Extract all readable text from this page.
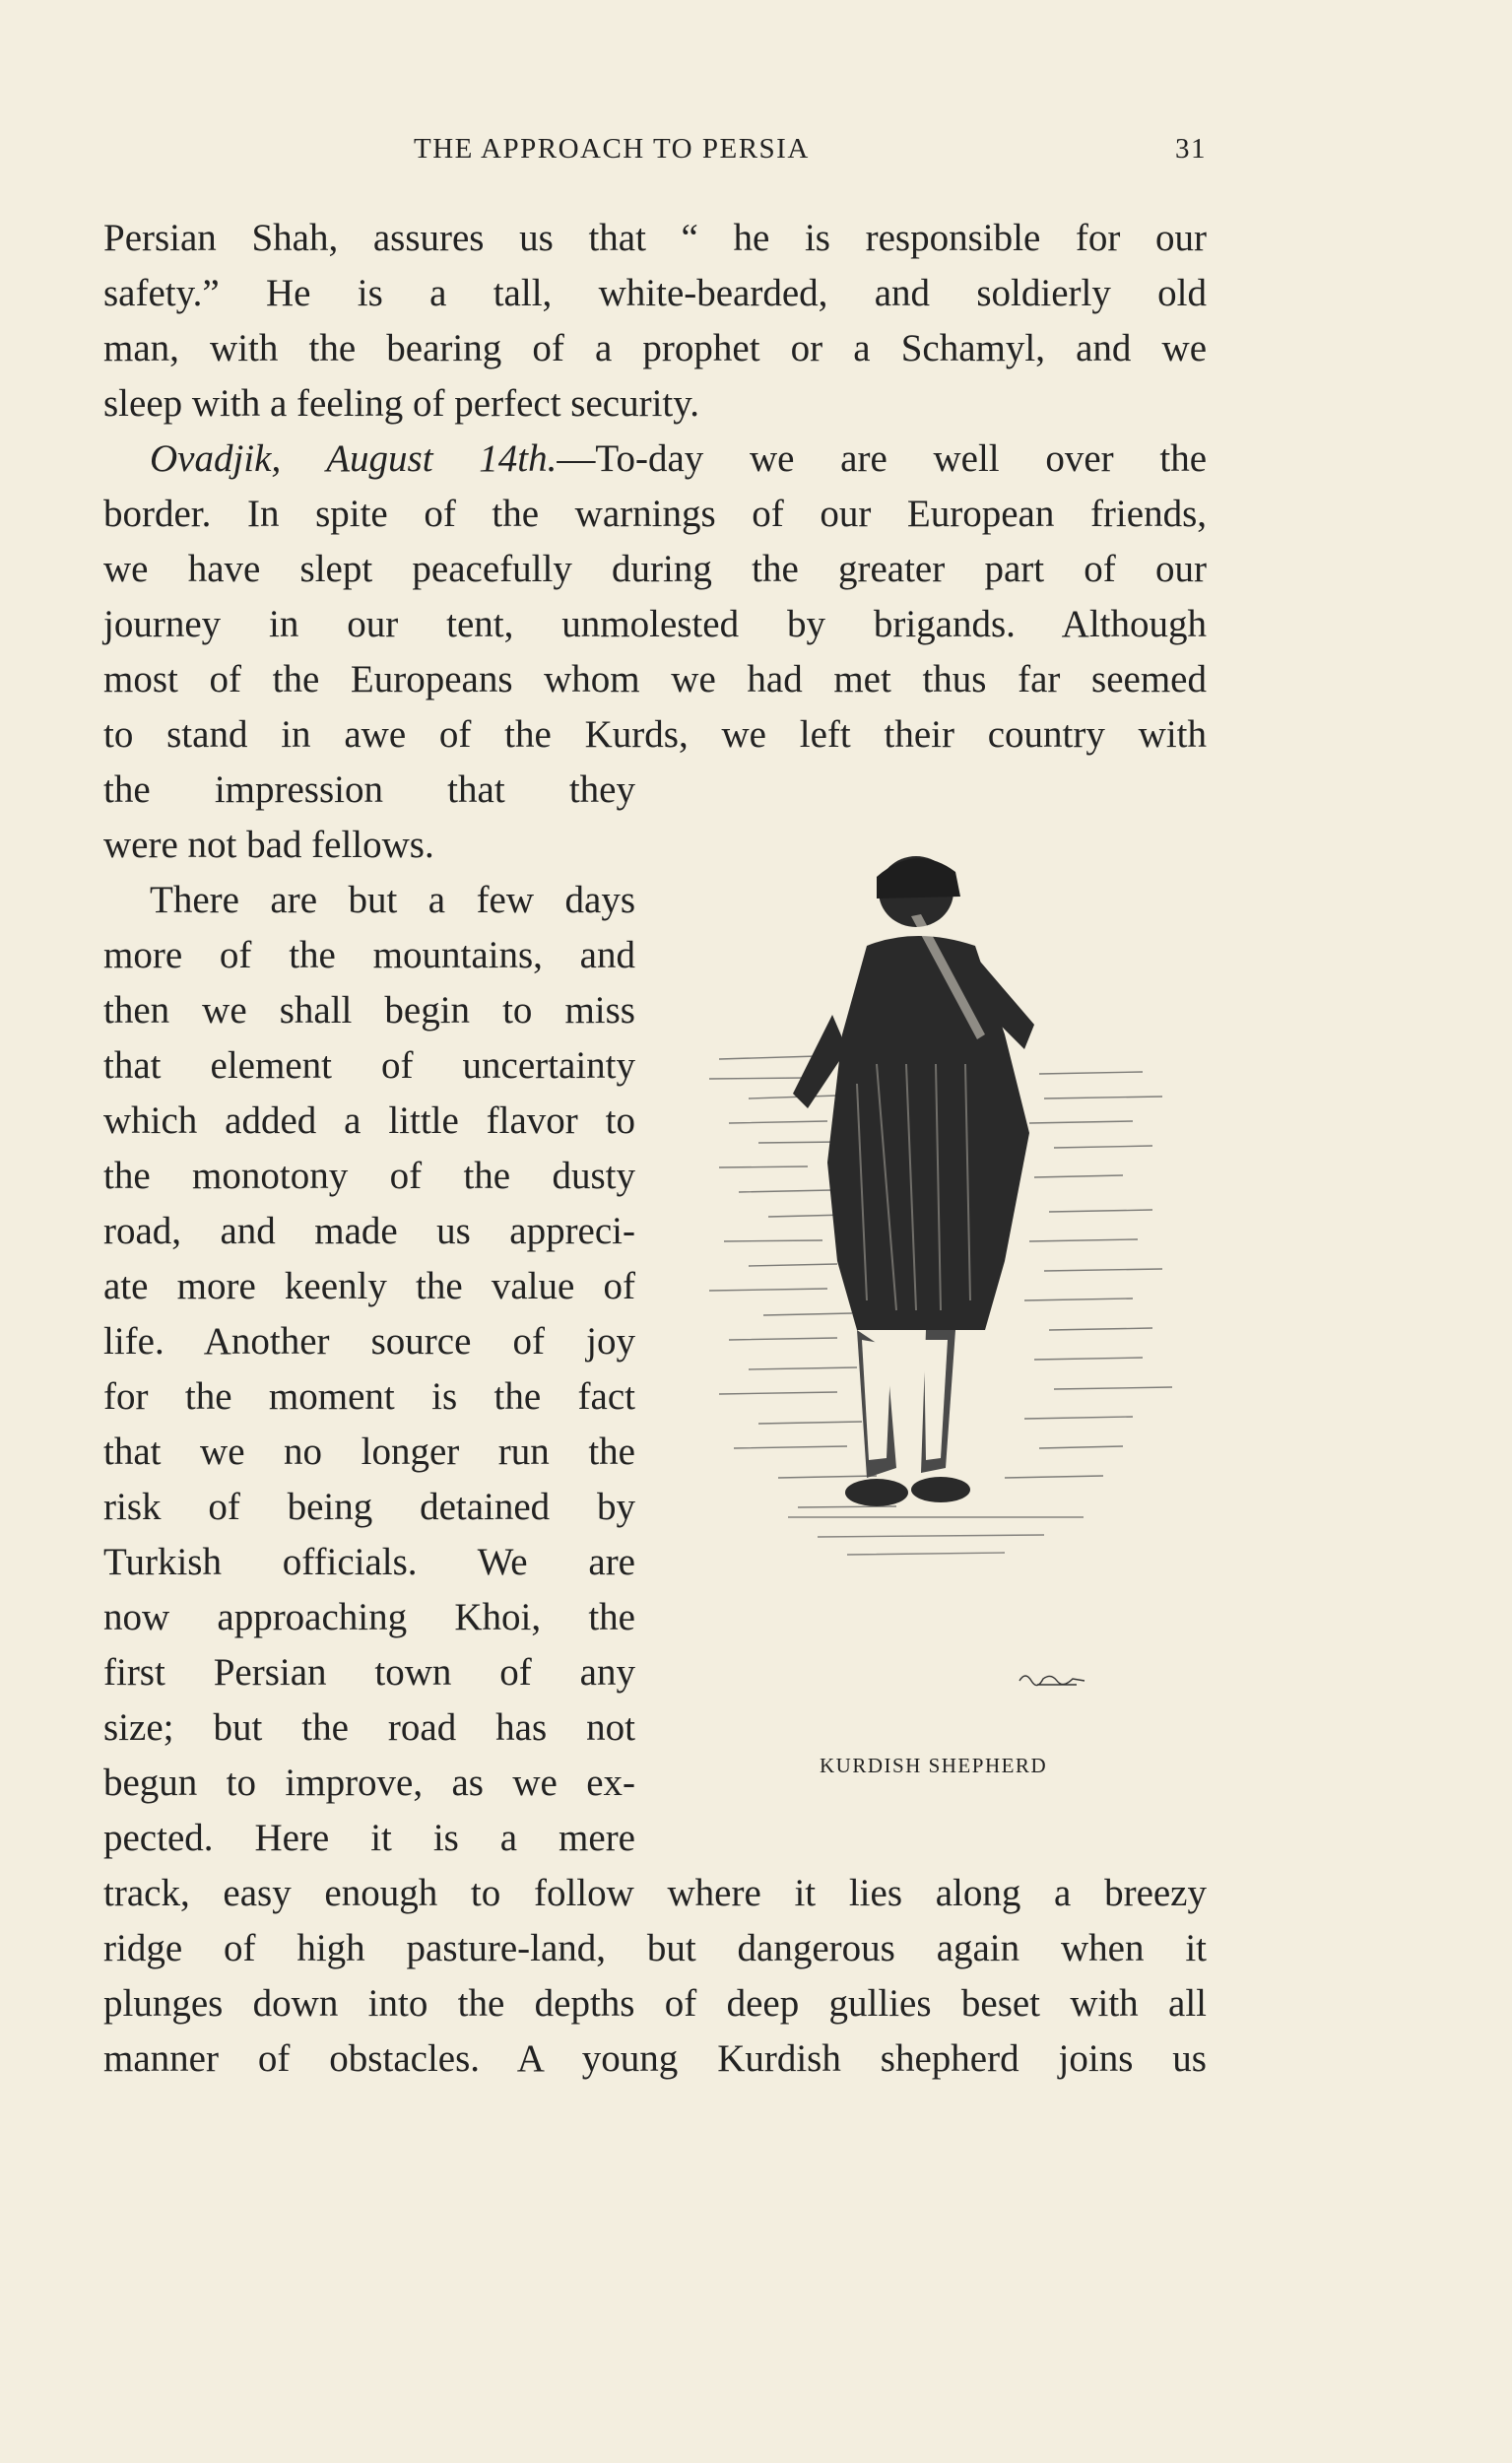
THE APPROACH TO PERSIA	31
Persian Shah, assures us that “ he is responsible for our
safety.” He is a tall, white-bearded, and soldierly old
man, with the bearing of a prophet or a Schamyl, and we
sleep with a feeling of perfect security.
Ovadjik, August 14th.—To-day we are well over the
border. In spite of the warnings of our European friends,
we have slept peacefully during the greater part of our
journey in our tent, unmolested by brigands. Although
most of the Europeans whom we had met thus far seemed
to stand in awe of the Kurds, we left their country with
the impression that they
were not bad fellows.
There are but a few days
more of the mountains, and
then we shall begin to miss
that element of uncertainty
which added a little flavor to
the monotony of the dusty
road, and made us appreci-
ate more keenly the value of
life. Another source of joy
for the moment is the fact
that we no longer run the
risk of being detained by
Turkish officials. We are
now approaching Khoi, the
first Persian town of any
size; but the road has not
begun to improve, as we ex-
pected. Here it is a mere
track, easy enough to follow where it lies along a breezy
ridge of high pasture-land, but dangerous again when it
plunges down into the depths of deep gullies beset with all
manner of obstacles. A young Kurdish shepherd joins us
KURDISH SHEPHERD
